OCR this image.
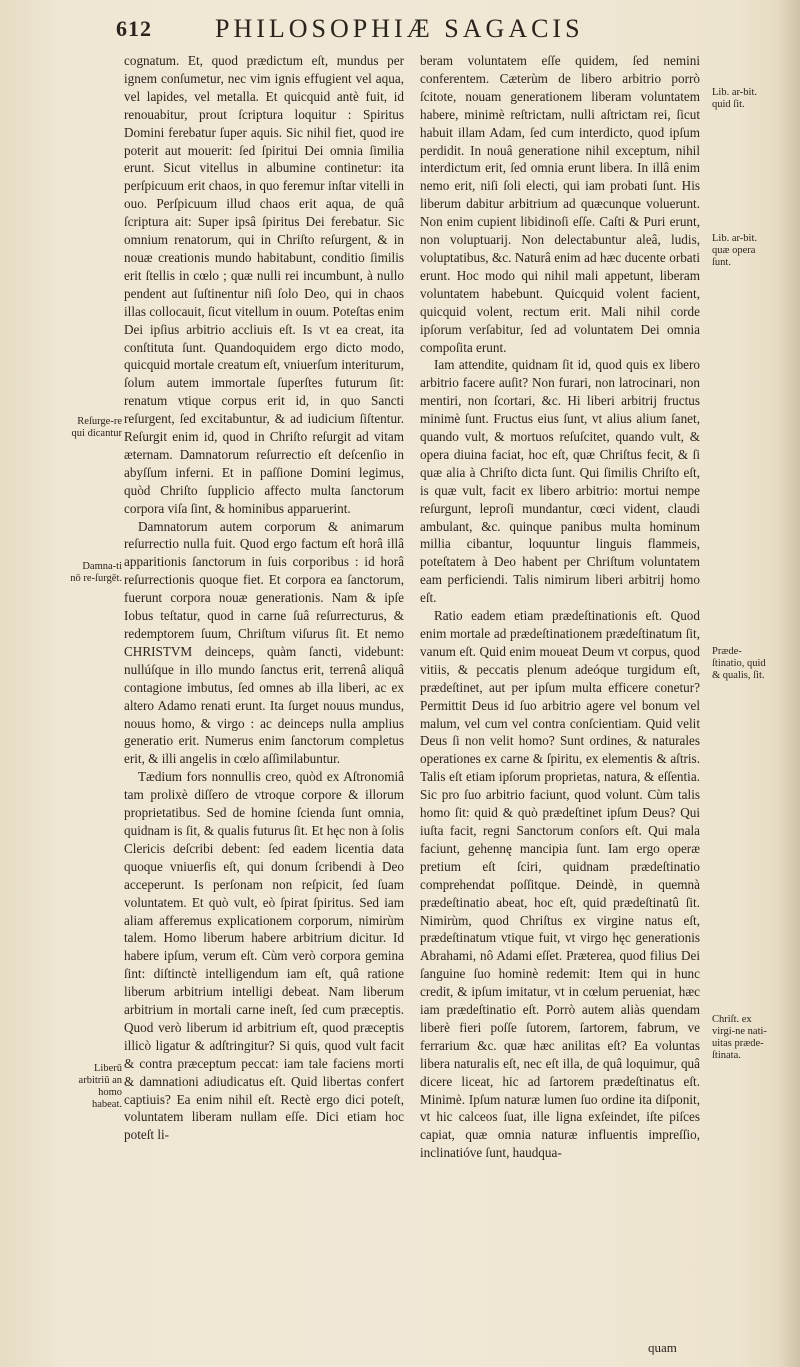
612 PHILOSOPHIÆ SAGACIS

cognatum. Et, quod prædictum eſt, mundus per ignem conſumetur, nec vim ignis effugient vel aqua, vel lapides, vel metalla. Et quicquid antè fuit, id renouabitur, prout ſcriptura loquitur : Spiritus Domini ferebatur ſuper aquis. Sic nihil fiet, quod ire poterit aut mouerit: ſed ſpiritui Dei omnia ſimilia erunt. Sicut vitellus in albumine continetur: ita perſpicuum erit chaos, in quo feremur inſtar vitelli in ouo. Perſpicuum illud chaos erit aqua, de quâ ſcriptura ait: Super ipsâ ſpiritus Dei ferebatur. Sic omnium renatorum, qui in Chriſto reſurgent, & in nouæ creationis mundo habitabunt, conditio ſimilis erit ſtellis in cœlo ; quæ nulli rei incumbunt, à nullo pendent aut ſuſtinentur niſi ſolo Deo, qui in chaos illas collocauit, ſicut vitellum in ouum. Poteſtas enim Dei ipſius arbitrio accliuis eſt. Is vt ea creat, ita conſtituta ſunt. Quandoquidem ergo dicto modo, quicquid mortale creatum eſt, vniuerſum interiturum, ſolum autem immortale ſuperſtes futurum ſit: renatum vtique corpus erit id, in quo Sancti reſurgent, ſed excitabuntur, & ad iudicium ſiſtentur. Reſurgit enim id, quod in Chriſto reſurgit ad vitam æternam. Damnatorum reſurrectio eſt deſcenſio in abyſſum inferni. Et in paſſione Domini legimus, quòd Chriſto ſupplicio affecto multa ſanctorum corpora viſa ſint, & hominibus apparuerint.

Damnatorum autem corporum & animarum reſurrectio nulla fuit. Quod ergo factum eſt horâ illâ apparitionis ſanctorum in ſuis corporibus : id horâ reſurrectionis quoque fiet. Et corpora ea ſanctorum, fuerunt corpora nouæ generationis. Nam & ipſe Iobus teſtatur, quod in carne ſuâ reſurrecturus, & redemptorem ſuum, Chriſtum viſurus ſit. Et nemo CHRISTVM deinceps, quàm ſancti, videbunt: nullúſque in illo mundo ſanctus erit, terrenâ aliquâ contagione imbutus, ſed omnes ab illa liberi, ac ex altero Adamo renati erunt. Ita ſurget nouus mundus, nouus homo, & virgo : ac deinceps nulla amplius generatio erit. Numerus enim ſanctorum completus erit, & illi angelis in cœlo aſſimilabuntur.

Tædium fors nonnullis creo, quòd ex Aſtronomiâ tam prolixè diſſero de vtroque corpore & illorum proprietatibus. Sed de homine ſcienda ſunt omnia, quidnam is ſit, & qualis futurus ſit. Et hęc non à ſolis Clericis deſcribi debent: ſed eadem licentia data quoque vniuerſis eſt, qui donum ſcribendi à Deo acceperunt. Is perſonam non reſpicit, ſed ſuam voluntatem. Et quò vult, eò ſpirat ſpiritus. Sed iam aliam afferemus explicationem corporum, nimirùm talem. Homo liberum habere arbitrium dicitur. Id habere ipſum, verum eſt. Cùm verò corpora gemina ſint: diſtinctè intelligendum iam eſt, quâ ratione liberum arbitrium intelligi debeat. Nam liberum arbitrium in mortali carne ineſt, ſed cum præceptis. Quod verò liberum id arbitrium eſt, quod præceptis illicò ligatur & adſtringitur? Si quis, quod vult facit & contra præceptum peccat: iam tale faciens morti & damnationi adiudicatus eſt. Quid libertas confert captiuis? Ea enim nihil eſt. Rectè ergo dici poteſt, voluntatem liberam nullam eſſe. Dici etiam hoc poteſt li-

beram voluntatem eſſe quidem, ſed nemini conferentem. Cæterùm de libero arbitrio porrò ſcitote, nouam generationem liberam voluntatem habere, minimè reſtrictam, nulli aſtrictam rei, ſicut habuit illam Adam, ſed cum interdicto, quod ipſum perdidit. In nouâ generatione nihil exceptum, nihil interdictum erit, ſed omnia erunt libera. In illâ enim nemo erit, niſi ſoli electi, qui iam probati ſunt. His liberum dabitur arbitrium ad quæcunque voluerunt. Non enim cupient libidinoſi eſſe. Caſti & Puri erunt, non voluptuarij. Non delectabuntur aleâ, ludis, voluptatibus, &c. Naturâ enim ad hæc ducente orbati erunt. Hoc modo qui nihil mali appetunt, liberam voluntatem habebunt. Quicquid volent facient, quicquid volent, rectum erit. Mali nihil corde ipſorum verſabitur, ſed ad voluntatem Dei omnia compoſita erunt.

Iam attendite, quidnam ſit id, quod quis ex libero arbitrio facere auſit? Non furari, non latrocinari, non mentiri, non ſcortari, &c. Hi liberi arbitrij fructus minimè ſunt. Fructus eius ſunt, vt alius alium ſanet, quando vult, & mortuos reſuſcitet, quando vult, & opera diuina faciat, hoc eſt, quæ Chriſtus fecit, & ſi quæ alia à Chriſto dicta ſunt. Qui ſimilis Chriſto eſt, is quæ vult, facit ex libero arbitrio: mortui nempe reſurgunt, leproſi mundantur, cœci vident, claudi ambulant, &c. quinque panibus multa hominum millia cibantur, loquuntur linguis flammeis, poteſtatem à Deo habent per Chriſtum voluntatem eam perficiendi. Talis nimirum liberi arbitrij homo eſt.

Ratio eadem etiam prædeſtinationis eſt. Quod enim mortale ad prædeſtinationem prædeſtinatum ſit, vanum eſt. Quid enim moueat Deum vt corpus, quod vitiis, & peccatis plenum adeóque turgidum eſt, prædeſtinet, aut per ipſum multa efficere conetur? Permittit Deus id ſuo arbitrio agere vel bonum vel malum, vel cum vel contra conſcientiam. Quid velit Deus ſi non velit homo? Sunt ordines, & naturales operationes ex carne & ſpiritu, ex elementis & aſtris. Talis eſt etiam ipſorum proprietas, natura, & eſſentia. Sic pro ſuo arbitrio faciunt, quod volunt. Cùm talis homo ſit: quid & quò prædeſtinet ipſum Deus? Qui iuſta facit, regni Sanctorum conſors eſt. Qui mala faciunt, gehennę mancipia ſunt. Iam ergo operæ pretium eſt ſciri, quidnam prædeſtinatio comprehendat poſſitque. Deindè, in quemnà prædeſtinatio abeat, hoc eſt, quid prædeſtinatû ſit. Nimirùm, quod Chriſtus ex virgine natus eſt, prædeſtinatum vtique fuit, vt virgo hęc generationis Abrahami, nô Adami eſſet. Præterea, quod filius Dei ſanguine ſuo hominè redemit: Item qui in hunc credit, & ipſum imitatur, vt in cœlum perueniat, hæc iam prædeſtinatio eſt. Porrò autem aliàs quendam liberè fieri poſſe ſutorem, ſartorem, fabrum, ve ferrarium &c. quæ hæc anilitas eſt? Ea voluntas libera naturalis eſt, nec eſt illa, de quâ loquimur, quâ dicere liceat, hic ad ſartorem prædeſtinatus eſt. Minimè. Ipſum naturæ lumen ſuo ordine ita diſponit, vt hic calceos ſuat, ille ligna exſeindet, iſte piſces capiat, quæ omnia naturæ influentis impreſſio, inclinatióve ſunt, haudqua-

Reſurge-re qui dicantur
Damna-ti nō re-ſurgēt.
Liberū arbitriū an homo habeat.
Lib. ar-bit. quid ſit.
Lib. ar-bit. quæ opera ſunt.
Præde-ſtinatio, quid & qualis, ſit.
Chriſt. ex virgi-ne nati-uitas præde-ſtinata.
quam
